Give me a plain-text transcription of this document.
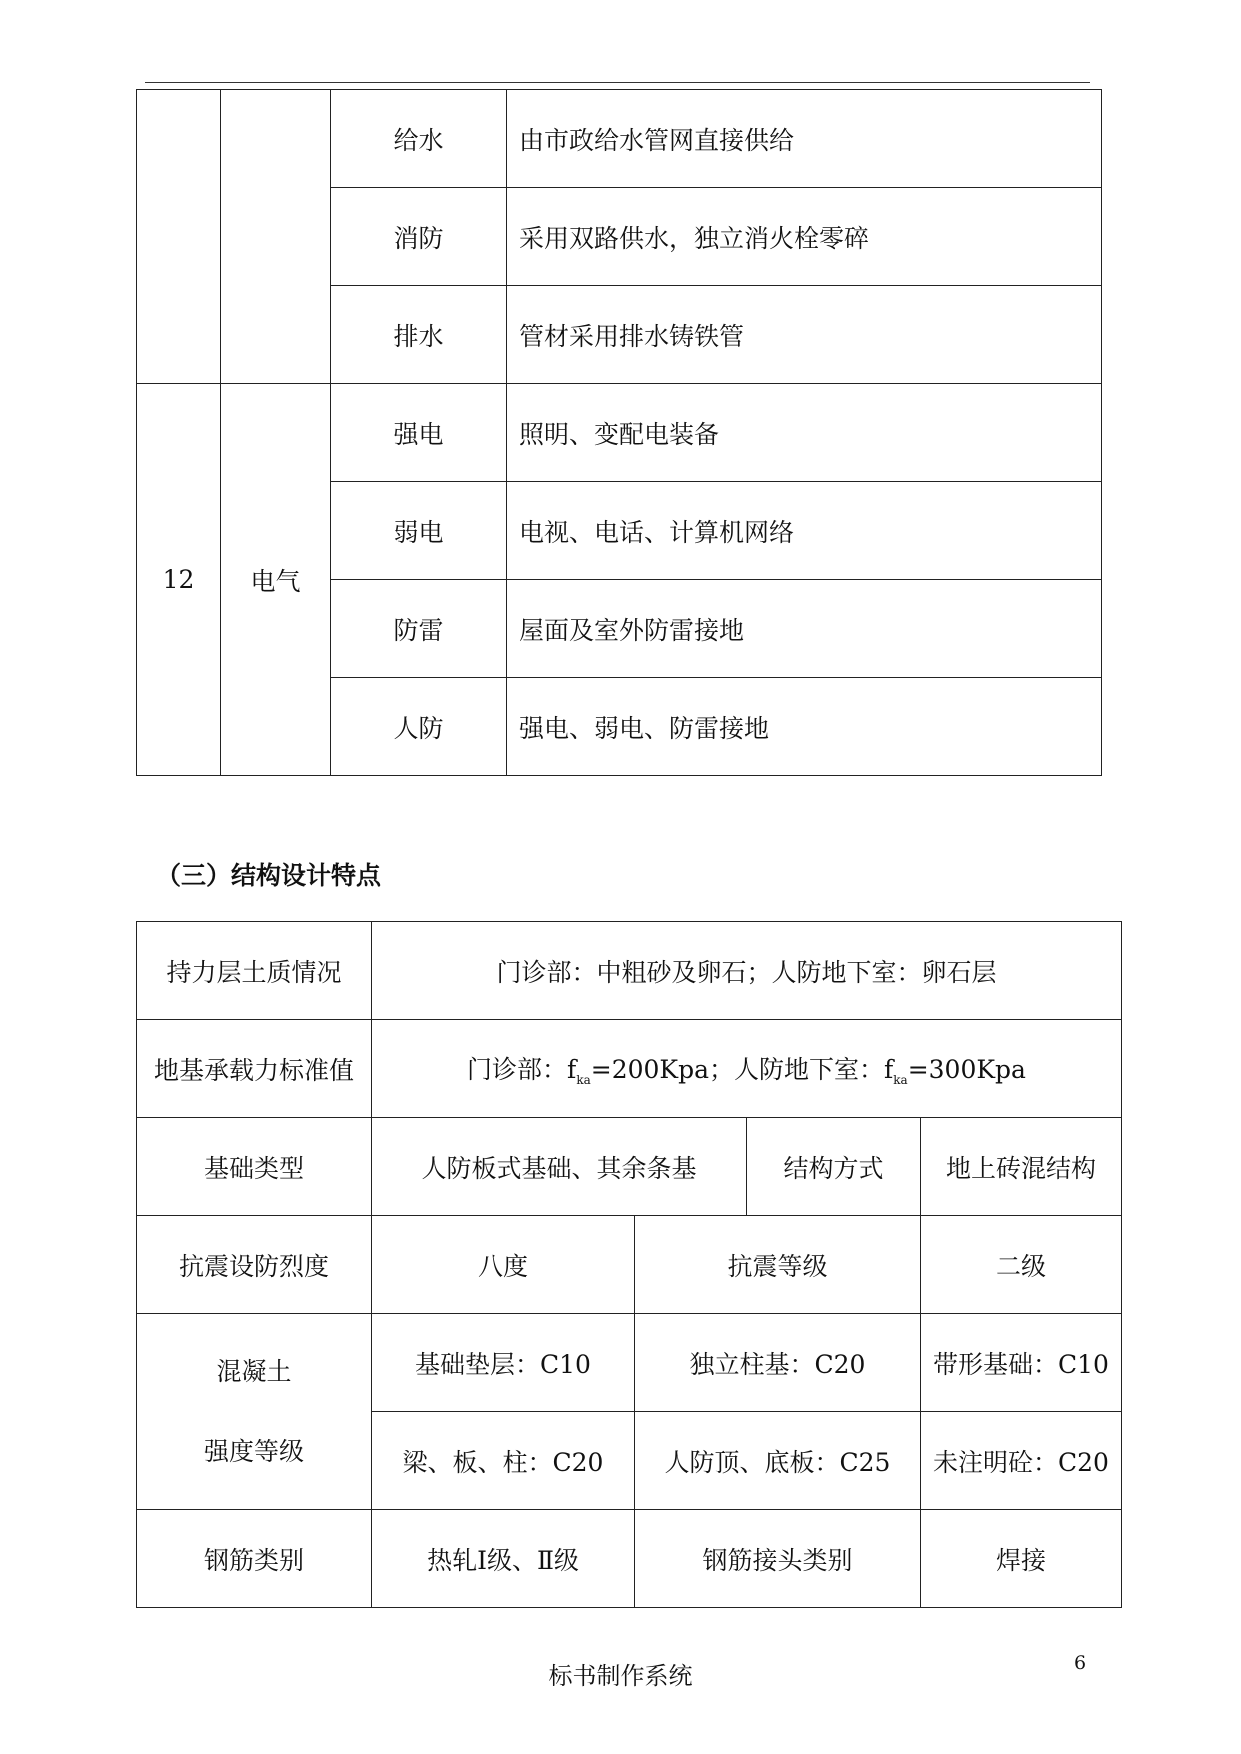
		给水	由市政给水管网直接供给
		消防	采用双路供水，独立消火栓零碎
		排水	管材采用排水铸铁管
12	电气	强电	照明、变配电装备
		弱电	电视、电话、计算机网络
		防雷	屋面及室外防雷接地
		人防	强电、弱电、防雷接地
（三）结构设计特点
持力层土质情况	门诊部：中粗砂及卵石；人防地下室：卵石层			
地基承载力标准值	门诊部：$f_{ka}=200Kpa$；人防地下室：$f_{ka}=300Kpa$			
基础类型	人防板式基础、其余条基		结构方式	地上砖混结构
抗震设防烈度	八度	抗震等级		二级

混凝土
强度等级	基础垫层：C10	独立柱基：C20		带形基础：C10
	梁、板、柱：C20	人防顶、底板：C25		未注明砼：C20
钢筋类别	热轧Ⅰ级、Ⅱ级	钢筋接头类别		焊接
标书制作系统	6
